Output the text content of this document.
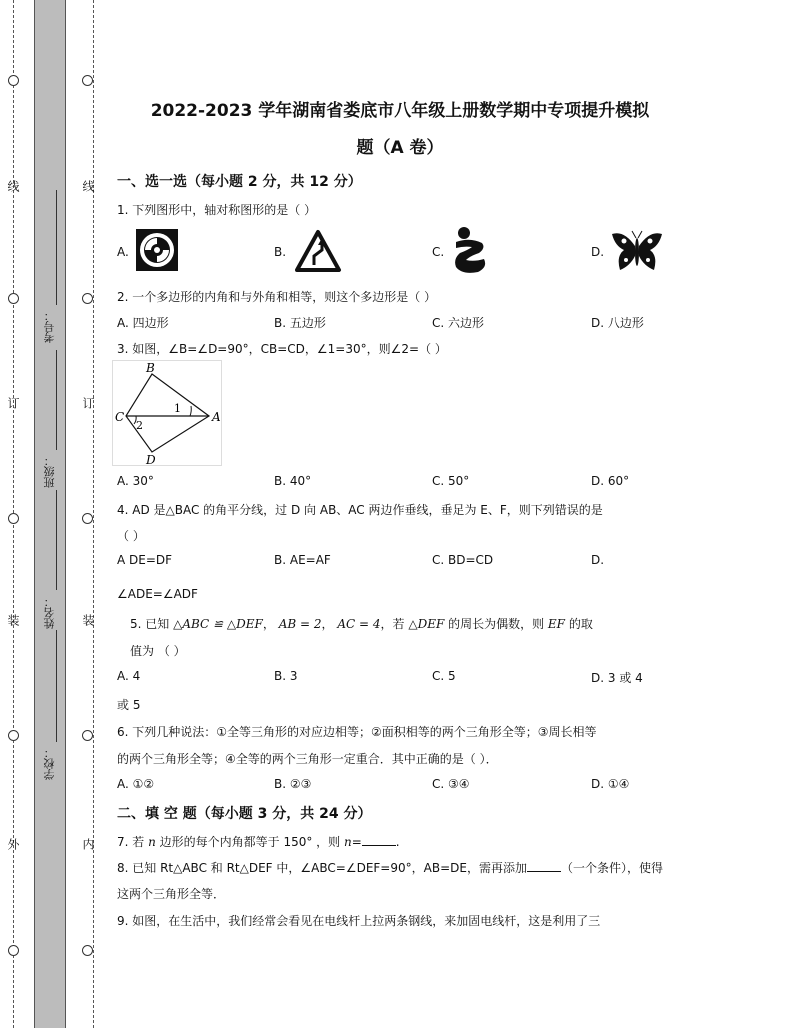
线
订
装
外
线
订
装
内
考号：
班级：
姓名：
学校：
2022-2023 学年湖南省娄底市八年级上册数学期中专项提升模拟
题（A 卷）
一、选一选（每小题 2 分，共 12 分）
1. 下列图形中，轴对称图形的是（ ）
A.	B.	C.	D.
2. 一个多边形的内角和与外角和相等，则这个多边形是（ ）
A. 四边形	B. 五边形	C. 六边形	D. 八边形
3. 如图，∠B=∠D=90°，CB=CD，∠1=30°，则∠2=（ ）
B
C	A
D
1
2
A. 30°	B. 40°	C. 50°	D. 60°
4. AD 是△BAC 的角平分线，过 D 向 AB、AC 两边作垂线，垂足为 E、F，则下列错误的是
（ ）
A DE=DF	B. AE=AF	C. BD=CD	D.
∠ADE=∠ADF
5. 已知 △ABC ≌ △DEF， AB = 2， AC = 4，若 △DEF 的周长为偶数，则 EF 的取
值为 （ ）
A. 4	B. 3	C. 5	D. 3 或 4
或 5
6. 下列几种说法：①全等三角形的对应边相等；②面积相等的两个三角形全等；③周长相等
的两个三角形全等；④全等的两个三角形一定重合．其中正确的是（ ）．
A. ①②	B. ②③	C. ③④	D. ①④
二、填 空 题（每小题 3 分，共 24 分）
7. 若 n 边形的每个内角都等于 150° ，则 n=	.
8. 已知 Rt△ABC 和 Rt△DEF 中，∠ABC=∠DEF=90°，AB=DE，需再添加	（一个条件），使得
这两个三角形全等．
9. 如图，在生活中，我们经常会看见在电线杆上拉两条钢线，来加固电线杆，这是利用了三
